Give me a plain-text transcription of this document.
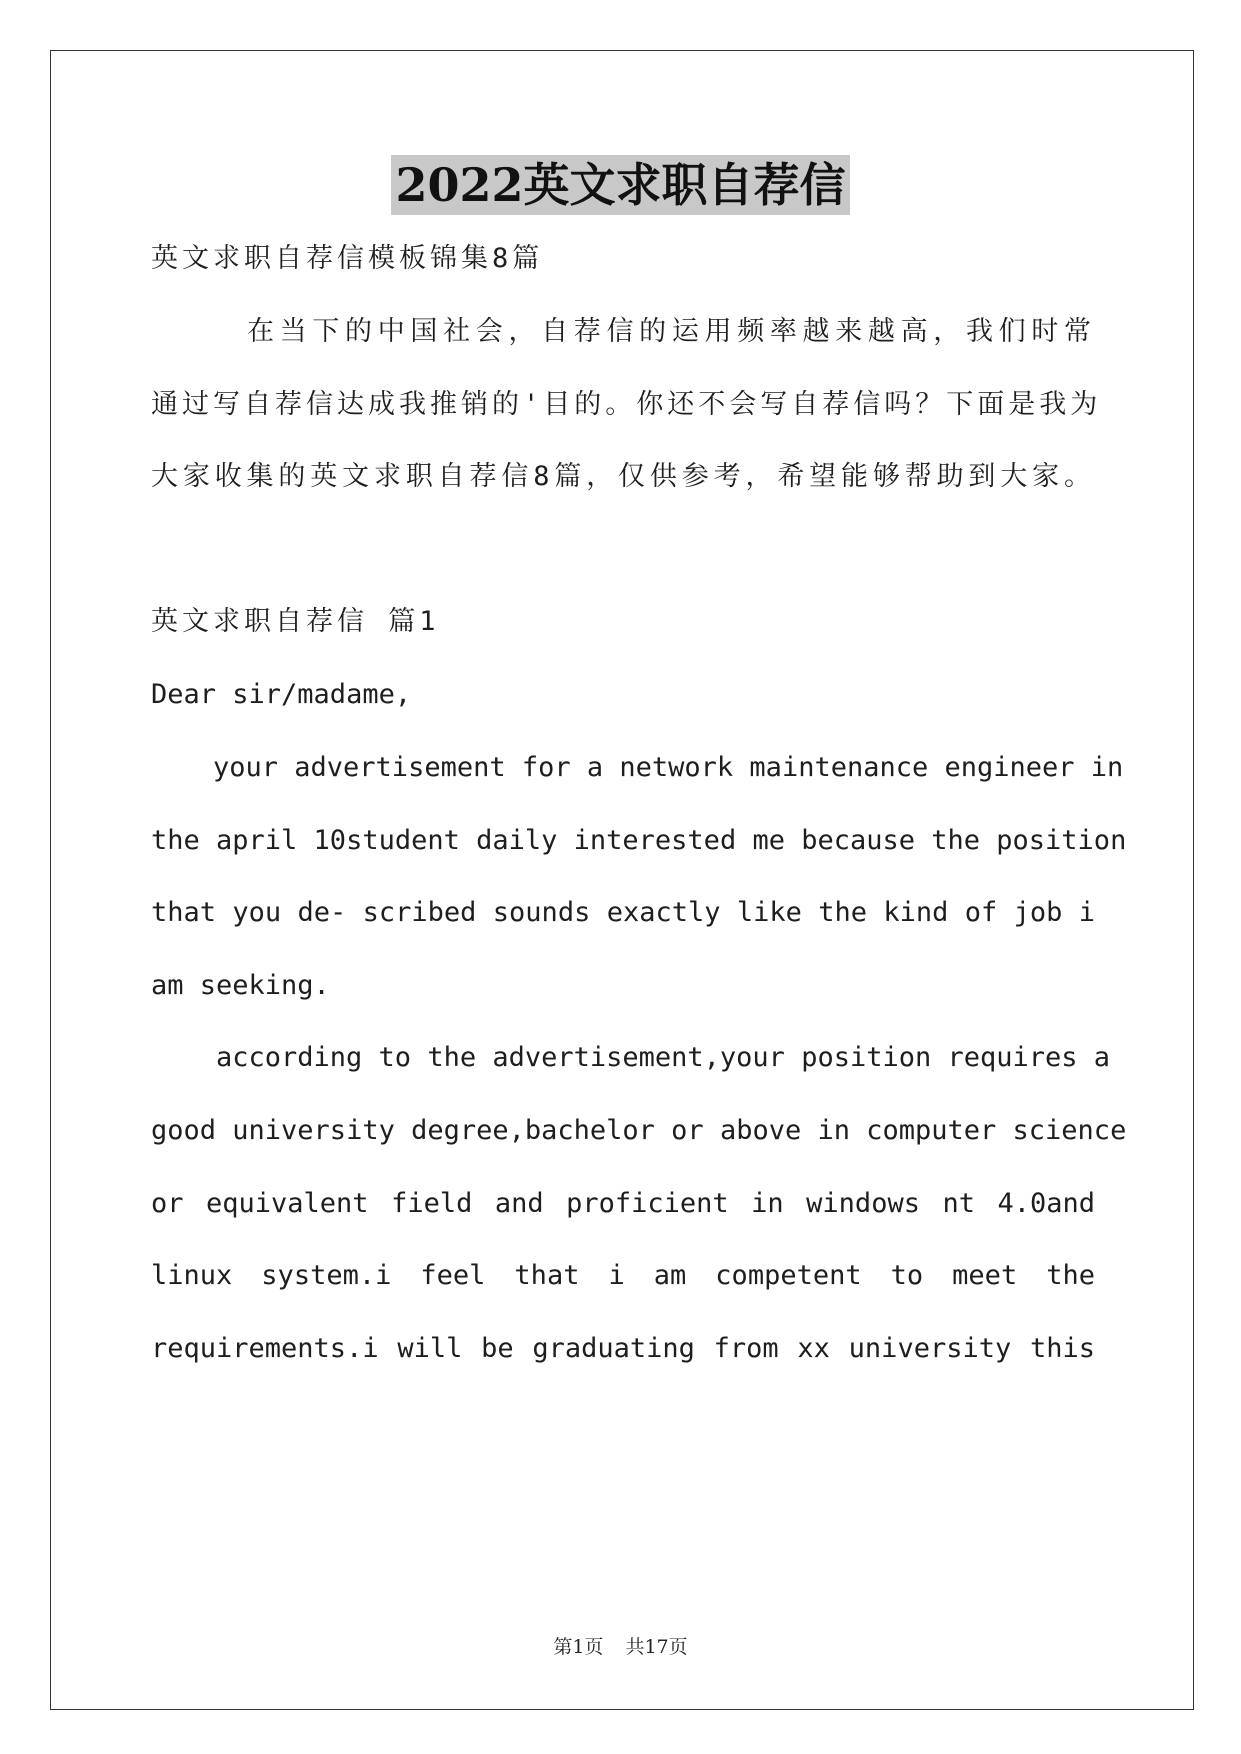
2022英文求职自荐信
英文求职自荐信模板锦集8篇
在当下的中国社会，自荐信的运用频率越来越高，我们时常
通过写自荐信达成我推销的'目的。你还不会写自荐信吗？下面是我为
大家收集的英文求职自荐信8篇，仅供参考，希望能够帮助到大家。
英文求职自荐信 篇1
Dear sir/madame,
your advertisement for a network maintenance engineer in
the april 10student daily interested me because the position
that you de- scribed sounds exactly like the kind of job i
am seeking.
according to the advertisement,your position requires a
good university degree,bachelor or above in computer science
or equivalent field and proficient in windows nt 4.0and
linux system.i feel that i am competent to meet the
requirements.i will be graduating from xx university this
第1页 共17页
